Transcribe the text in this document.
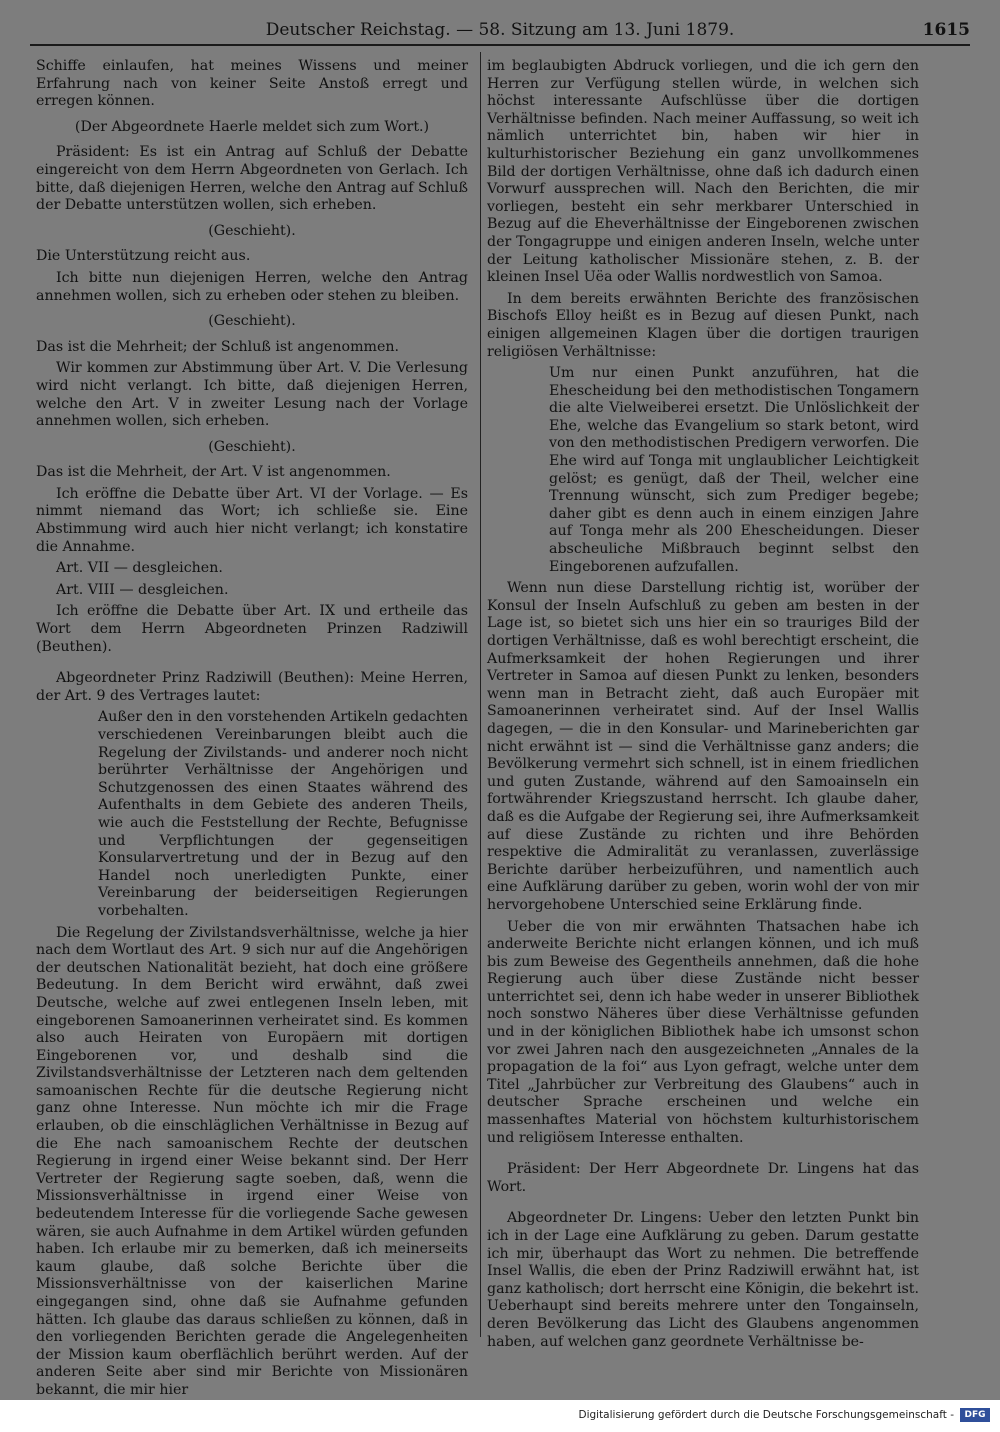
Deutscher Reichstag. — 58. Sitzung am 13. Juni 1879.	1615

Schiffe einlaufen, hat meines Wissens und meiner Erfahrung nach von keiner Seite Anstoß erregt und erregen können.

(Der Abgeordnete Haerle meldet sich zum Wort.)

Präsident: Es ist ein Antrag auf Schluß der Debatte eingereicht von dem Herrn Abgeordneten von Gerlach. Ich bitte, daß diejenigen Herren, welche den Antrag auf Schluß der Debatte unterstützen wollen, sich erheben.

(Geschieht).

Die Unterstützung reicht aus.

Ich bitte nun diejenigen Herren, welche den Antrag annehmen wollen, sich zu erheben oder stehen zu bleiben.

(Geschieht).

Das ist die Mehrheit; der Schluß ist angenommen.

Wir kommen zur Abstimmung über Art. V. Die Verlesung wird nicht verlangt. Ich bitte, daß diejenigen Herren, welche den Art. V in zweiter Lesung nach der Vorlage annehmen wollen, sich erheben.

(Geschieht).

Das ist die Mehrheit, der Art. V ist angenommen.

Ich eröffne die Debatte über Art. VI der Vorlage. — Es nimmt niemand das Wort; ich schließe sie. Eine Abstimmung wird auch hier nicht verlangt; ich konstatire die Annahme.

Art. VII — desgleichen.

Art. VIII — desgleichen.

Ich eröffne die Debatte über Art. IX und ertheile das Wort dem Herrn Abgeordneten Prinzen Radziwill (Beuthen).

Abgeordneter Prinz Radziwill (Beuthen): Meine Herren, der Art. 9 des Vertrages lautet:

Außer den in den vorstehenden Artikeln gedachten verschiedenen Vereinbarungen bleibt auch die Regelung der Zivilstands- und anderer noch nicht berührter Verhältnisse der Angehörigen und Schutzgenossen des einen Staates während des Aufenthalts in dem Gebiete des anderen Theils, wie auch die Feststellung der Rechte, Befugnisse und Verpflichtungen der gegenseitigen Konsularvertretung und der in Bezug auf den Handel noch unerledigten Punkte, einer Vereinbarung der beiderseitigen Regierungen vorbehalten.

Die Regelung der Zivilstandsverhältnisse, welche ja hier nach dem Wortlaut des Art. 9 sich nur auf die Angehörigen der deutschen Nationalität bezieht, hat doch eine größere Bedeutung. In dem Bericht wird erwähnt, daß zwei Deutsche, welche auf zwei entlegenen Inseln leben, mit eingeborenen Samoanerinnen verheiratet sind. Es kommen also auch Heiraten von Europäern mit dortigen Eingeborenen vor, und deshalb sind die Zivilstandsverhältnisse der Letzteren nach dem geltenden samoanischen Rechte für die deutsche Regierung nicht ganz ohne Interesse. Nun möchte ich mir die Frage erlauben, ob die einschläglichen Verhältnisse in Bezug auf die Ehe nach samoanischem Rechte der deutschen Regierung in irgend einer Weise bekannt sind. Der Herr Vertreter der Regierung sagte soeben, daß, wenn die Missionsverhältnisse in irgend einer Weise von bedeutendem Interesse für die vorliegende Sache gewesen wären, sie auch Aufnahme in dem Artikel würden gefunden haben. Ich erlaube mir zu bemerken, daß ich meinerseits kaum glaube, daß solche Berichte über die Missionsverhältnisse von der kaiserlichen Marine eingegangen sind, ohne daß sie Aufnahme gefunden hätten. Ich glaube das daraus schließen zu können, daß in den vorliegenden Berichten gerade die Angelegenheiten der Mission kaum oberflächlich berührt werden. Auf der anderen Seite aber sind mir Berichte von Missionären bekannt, die mir hier

im beglaubigten Abdruck vorliegen, und die ich gern den Herren zur Verfügung stellen würde, in welchen sich höchst interessante Aufschlüsse über die dortigen Verhältnisse befinden. Nach meiner Auffassung, so weit ich nämlich unterrichtet bin, haben wir hier in kulturhistorischer Beziehung ein ganz unvollkommenes Bild der dortigen Verhältnisse, ohne daß ich dadurch einen Vorwurf aussprechen will. Nach den Berichten, die mir vorliegen, besteht ein sehr merkbarer Unterschied in Bezug auf die Eheverhältnisse der Eingeborenen zwischen der Tongagruppe und einigen anderen Inseln, welche unter der Leitung katholischer Missionäre stehen, z. B. der kleinen Insel Uëa oder Wallis nordwestlich von Samoa.

In dem bereits erwähnten Berichte des französischen Bischofs Elloy heißt es in Bezug auf diesen Punkt, nach einigen allgemeinen Klagen über die dortigen traurigen religiösen Verhältnisse:

Um nur einen Punkt anzuführen, hat die Ehescheidung bei den methodistischen Tongamern die alte Vielweiberei ersetzt. Die Unlöslichkeit der Ehe, welche das Evangelium so stark betont, wird von den methodistischen Predigern verworfen. Die Ehe wird auf Tonga mit unglaublicher Leichtigkeit gelöst; es genügt, daß der Theil, welcher eine Trennung wünscht, sich zum Prediger begebe; daher gibt es denn auch in einem einzigen Jahre auf Tonga mehr als 200 Ehescheidungen. Dieser abscheuliche Mißbrauch beginnt selbst den Eingeborenen aufzufallen.

Wenn nun diese Darstellung richtig ist, worüber der Konsul der Inseln Aufschluß zu geben am besten in der Lage ist, so bietet sich uns hier ein so trauriges Bild der dortigen Verhältnisse, daß es wohl berechtigt erscheint, die Aufmerksamkeit der hohen Regierungen und ihrer Vertreter in Samoa auf diesen Punkt zu lenken, besonders wenn man in Betracht zieht, daß auch Europäer mit Samoanerinnen verheiratet sind. Auf der Insel Wallis dagegen, — die in den Konsular- und Marineberichten gar nicht erwähnt ist — sind die Verhältnisse ganz anders; die Bevölkerung vermehrt sich schnell, ist in einem friedlichen und guten Zustande, während auf den Samoainseln ein fortwährender Kriegszustand herrscht. Ich glaube daher, daß es die Aufgabe der Regierung sei, ihre Aufmerksamkeit auf diese Zustände zu richten und ihre Behörden respektive die Admiralität zu veranlassen, zuverlässige Berichte darüber herbeizuführen, und namentlich auch eine Aufklärung darüber zu geben, worin wohl der von mir hervorgehobene Unterschied seine Erklärung finde.

Ueber die von mir erwähnten Thatsachen habe ich anderweite Berichte nicht erlangen können, und ich muß bis zum Beweise des Gegentheils annehmen, daß die hohe Regierung auch über diese Zustände nicht besser unterrichtet sei, denn ich habe weder in unserer Bibliothek noch sonstwo Näheres über diese Verhältnisse gefunden und in der königlichen Bibliothek habe ich umsonst schon vor zwei Jahren nach den ausgezeichneten „Annales de la propagation de la foi“ aus Lyon gefragt, welche unter dem Titel „Jahrbücher zur Verbreitung des Glaubens“ auch in deutscher Sprache erscheinen und welche ein massenhaftes Material von höchstem kulturhistorischem und religiösem Interesse enthalten.

Präsident: Der Herr Abgeordnete Dr. Lingens hat das Wort.

Abgeordneter Dr. Lingens: Ueber den letzten Punkt bin ich in der Lage eine Aufklärung zu geben. Darum gestatte ich mir, überhaupt das Wort zu nehmen. Die betreffende Insel Wallis, die eben der Prinz Radziwill erwähnt hat, ist ganz katholisch; dort herrscht eine Königin, die bekehrt ist. Ueberhaupt sind bereits mehrere unter den Tongainseln, deren Bevölkerung das Licht des Glaubens angenommen haben, auf welchen ganz geordnete Verhältnisse be-

Digitalisierung gefördert durch die Deutsche Forschungsgemeinschaft -	DFG
